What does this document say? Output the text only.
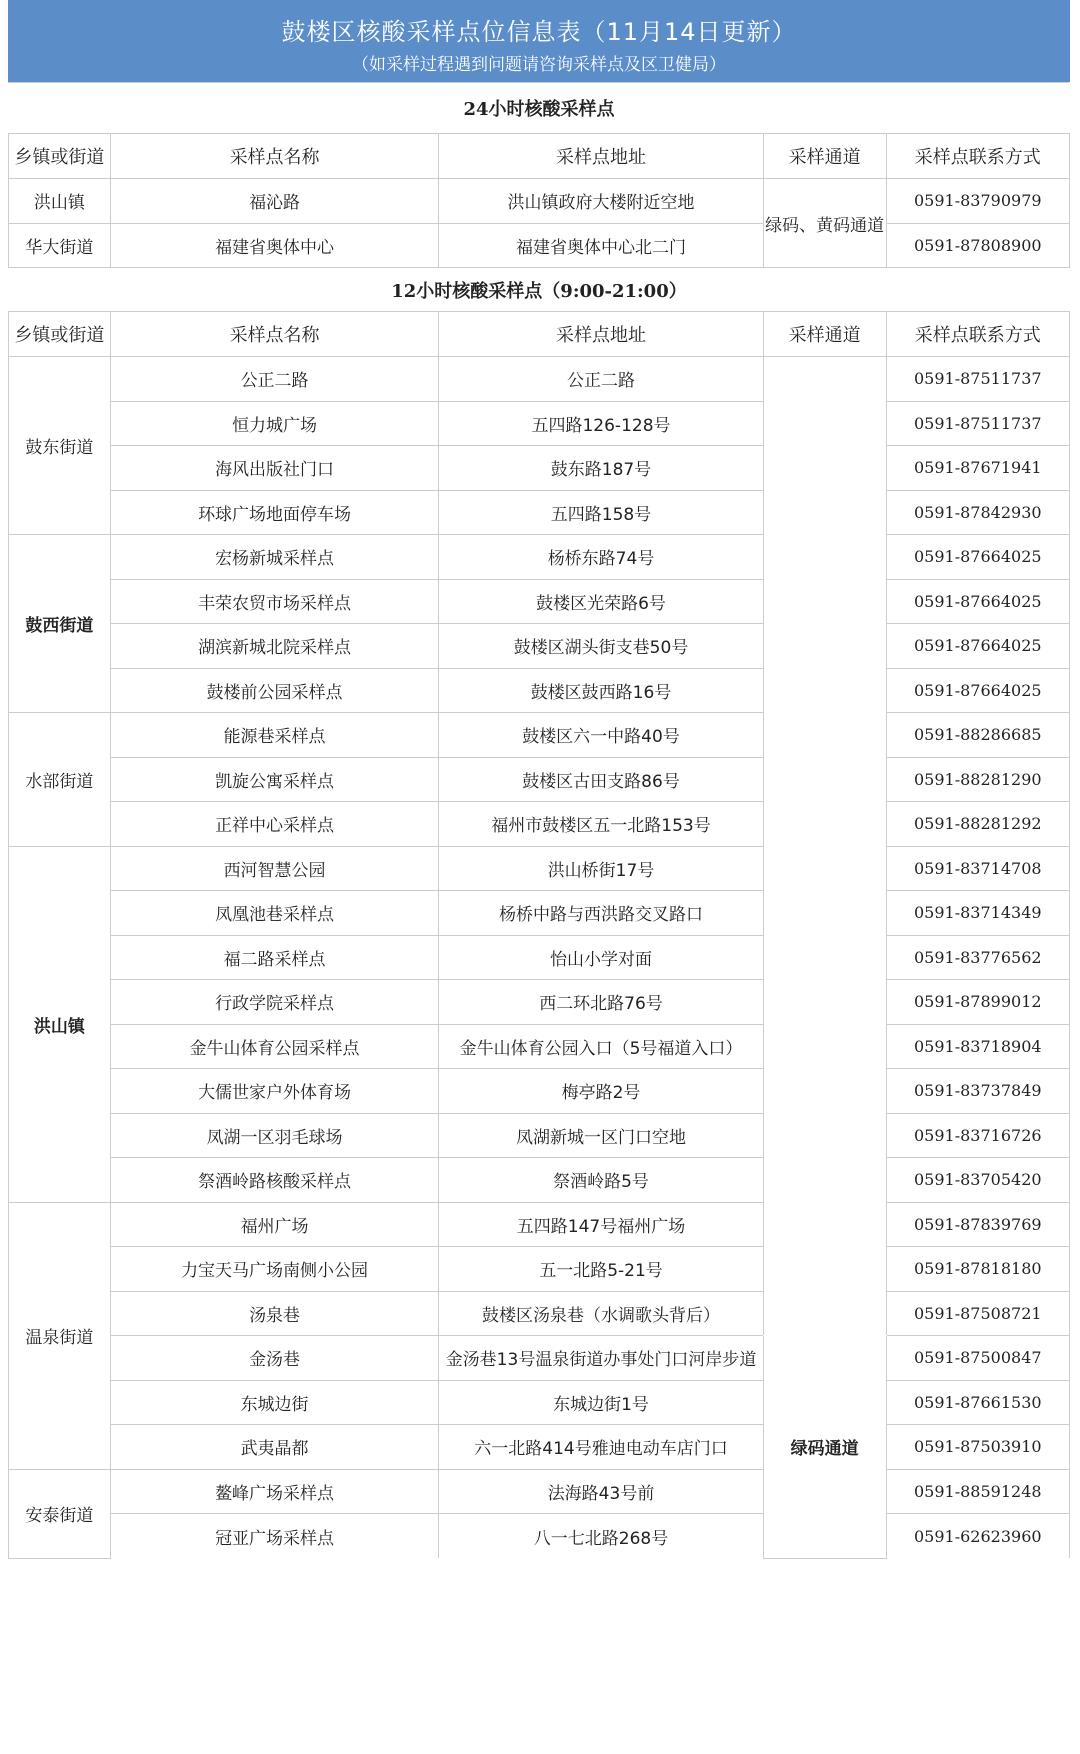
鼓楼区核酸采样点位信息表（11月14日更新）
（如采样过程遇到问题请咨询采样点及区卫健局）
24小时核酸采样点				
乡镇或街道	采样点名称	采样点地址	采样通道	采样点联系方式
洪山镇	福沁路	洪山镇政府大楼附近空地	绿码、黄码通道	0591-83790979
华大街道	福建省奥体中心	福建省奥体中心北二门		0591-87808900
12小时核酸采样点（9:00-21:00）				
乡镇或街道	采样点名称	采样点地址	采样通道	采样点联系方式
鼓东街道	公正二路	公正二路		0591-87511737
	恒力城广场	五四路126-128号		0591-87511737
	海风出版社门口	鼓东路187号		0591-87671941
	环球广场地面停车场	五四路158号		0591-87842930
鼓西街道	宏杨新城采样点	杨桥东路74号		0591-87664025
	丰荣农贸市场采样点	鼓楼区光荣路6号		0591-87664025
	湖滨新城北院采样点	鼓楼区湖头街支巷50号		0591-87664025
	鼓楼前公园采样点	鼓楼区鼓西路16号		0591-87664025
水部街道	能源巷采样点	鼓楼区六一中路40号		0591-88286685
	凯旋公寓采样点	鼓楼区古田支路86号		0591-88281290
	正祥中心采样点	福州市鼓楼区五一北路153号		0591-88281292
洪山镇	西河智慧公园	洪山桥街17号		0591-83714708
	凤凰池巷采样点	杨桥中路与西洪路交叉路口		0591-83714349
	福二路采样点	怡山小学对面		0591-83776562
	行政学院采样点	西二环北路76号		0591-87899012
	金牛山体育公园采样点	金牛山体育公园入口（5号福道入口）		0591-83718904
	大儒世家户外体育场	梅亭路2号		0591-83737849
	凤湖一区羽毛球场	凤湖新城一区门口空地		0591-83716726
	祭酒岭路核酸采样点	祭酒岭路5号		0591-83705420
温泉街道	福州广场	五四路147号福州广场		0591-87839769
	力宝天马广场南侧小公园	五一北路5-21号		0591-87818180
	汤泉巷	鼓楼区汤泉巷（水调歌头背后）		0591-87508721
	金汤巷	金汤巷13号温泉街道办事处门口河岸步道	绿码通道	0591-87500847
	东城边街	东城边街1号		0591-87661530
	武夷晶都	六一北路414号雅迪电动车店门口		0591-87503910
安泰街道	鳌峰广场采样点	法海路43号前		0591-88591248
	冠亚广场采样点	八一七北路268号		0591-62623960
